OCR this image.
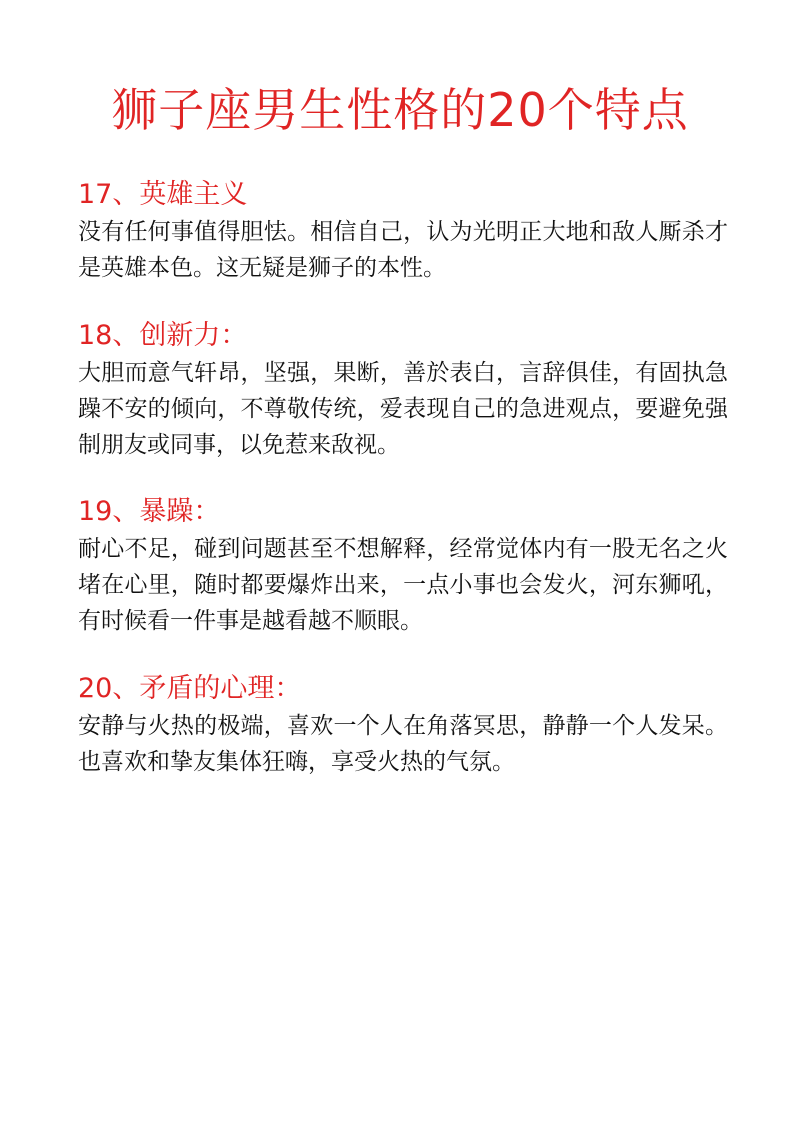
狮子座男生性格的20个特点
17、英雄主义
没有任何事值得胆怯。相信自己，认为光明正大地和敌人厮杀才是英雄本色。这无疑是狮子的本性。
18、创新力：
大胆而意气轩昂，坚强，果断，善於表白，言辞俱佳，有固执急躁不安的倾向，不尊敬传统，爱表现自己的急进观点，要避免强制朋友或同事，以免惹来敌视。
19、暴躁：
耐心不足，碰到问题甚至不想解释，经常觉体内有一股无名之火堵在心里，随时都要爆炸出来，一点小事也会发火，河东狮吼，有时候看一件事是越看越不顺眼。
20、矛盾的心理：
安静与火热的极端，喜欢一个人在角落冥思，静静一个人发呆。也喜欢和挚友集体狂嗨，享受火热的气氛。
